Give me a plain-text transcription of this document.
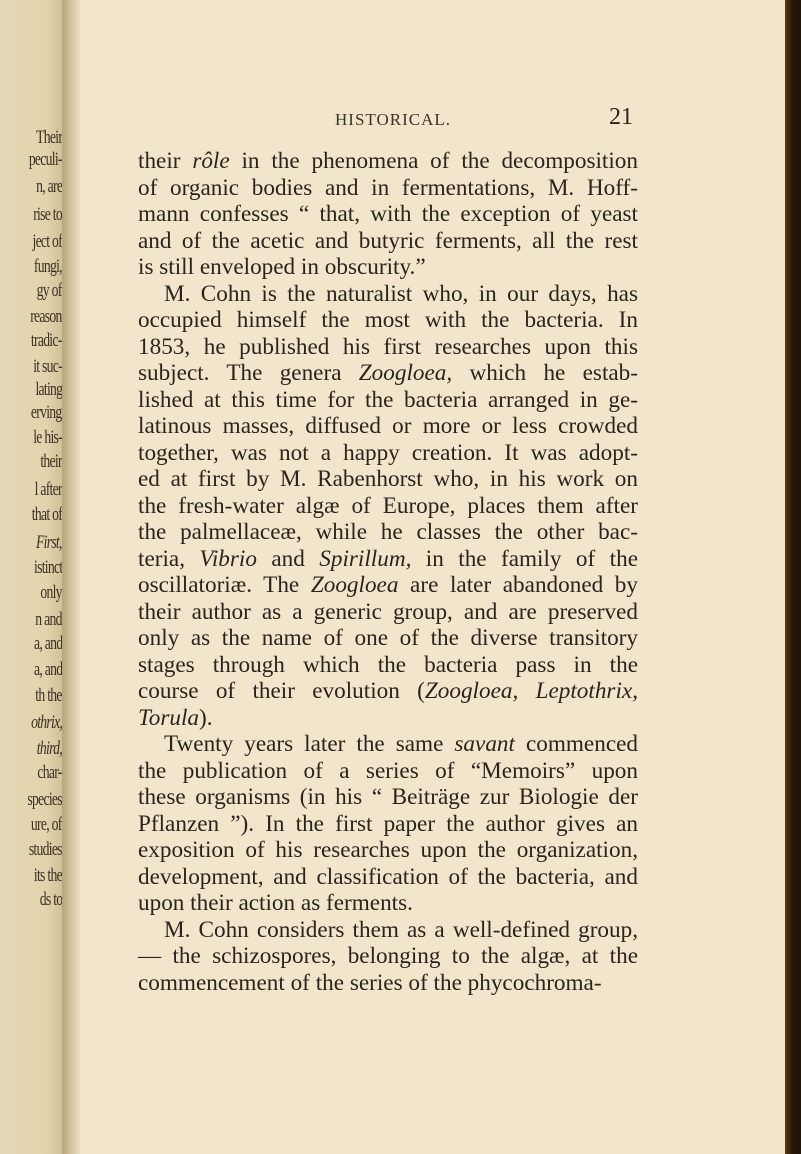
Their
peculi-
n, are
rise to
ject of
fungi,
gy of
reason
tradic-
it suc-
lating
erving
le his-
their
l after
that of
First,
istinct
only
n and
a, and
a, and
th the
othrix,
third,
char-
species
ure, of
studies
its the
ds to
HISTORICAL.	21
their rôle in the phenomena of the decomposition
of organic bodies and in fermentations, M. Hoff-
mann confesses “ that, with the exception of yeast
and of the acetic and butyric ferments, all the rest
is still enveloped in obscurity.”
M. Cohn is the naturalist who, in our days, has
occupied himself the most with the bacteria. In
1853, he published his first researches upon this
subject. The genera Zoogloea, which he estab-
lished at this time for the bacteria arranged in ge-
latinous masses, diffused or more or less crowded
together, was not a happy creation. It was adopt-
ed at first by M. Rabenhorst who, in his work on
the fresh-water algæ of Europe, places them after
the palmellaceæ, while he classes the other bac-
teria, Vibrio and Spirillum, in the family of the
oscillatoriæ. The Zoogloea are later abandoned by
their author as a generic group, and are preserved
only as the name of one of the diverse transitory
stages through which the bacteria pass in the
course of their evolution (Zoogloea, Leptothrix,
Torula).
Twenty years later the same savant commenced
the publication of a series of “Memoirs” upon
these organisms (in his “ Beiträge zur Biologie der
Pflanzen ”). In the first paper the author gives an
exposition of his researches upon the organization,
development, and classification of the bacteria, and
upon their action as ferments.
M. Cohn considers them as a well-defined group,
— the schizospores, belonging to the algæ, at the
commencement of the series of the phycochroma-
